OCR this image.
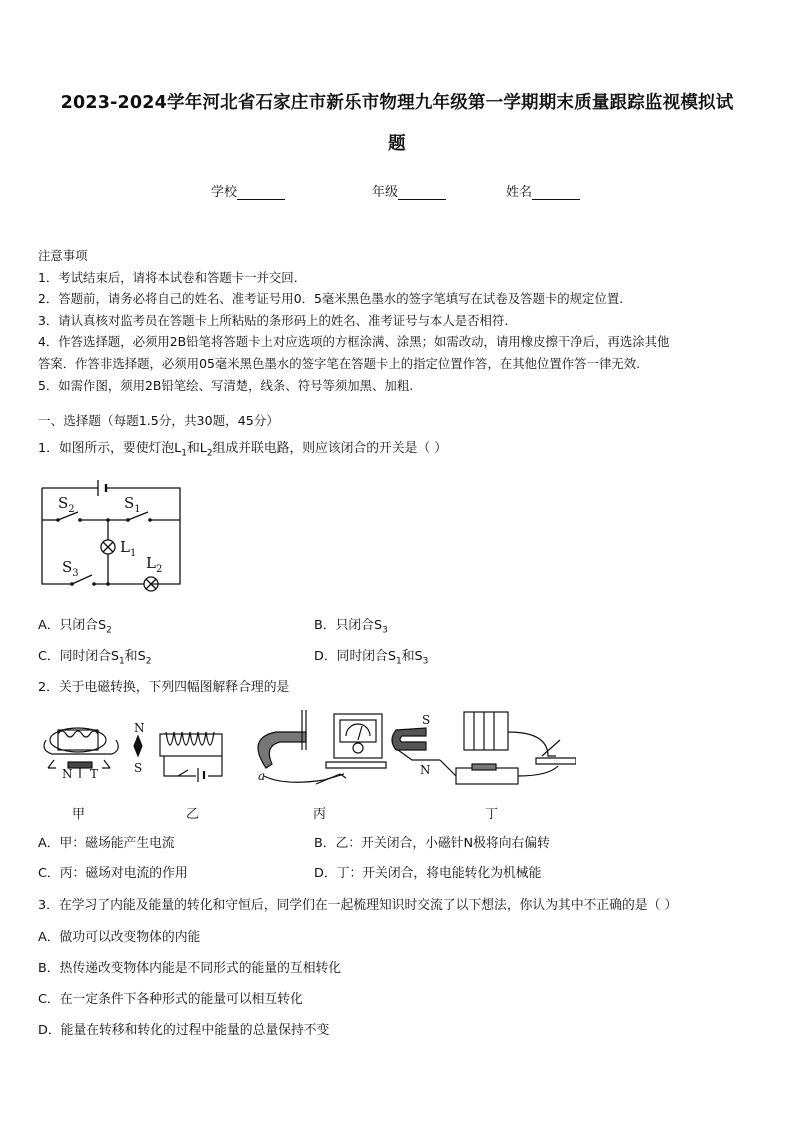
2023-2024学年河北省石家庄市新乐市物理九年级第一学期期末质量跟踪监视模拟试
题
学校	年级	姓名
注意事项
1．考试结束后，请将本试卷和答题卡一并交回.
2．答题前，请务必将自己的姓名、准考证号用0．5毫米黑色墨水的签字笔填写在试卷及答题卡的规定位置.
3．请认真核对监考员在答题卡上所粘贴的条形码上的姓名、准考证号与本人是否相符.
4．作答选择题，必须用2B铅笔将答题卡上对应选项的方框涂满、涂黑；如需改动，请用橡皮擦干净后，再选涂其他
答案．作答非选择题，必须用05毫米黑色墨水的签字笔在答题卡上的指定位置作答，在其他位置作答一律无效.
5．如需作图，须用2B铅笔绘、写清楚，线条、符号等须加黑、加粗.
一、选择题（每题1.5分，共30题，45分）
1．如图所示，要使灯泡$L_1$和$L_2$组成并联电路，则应该闭合的开关是（ ）
$S_2$	$S_1$
$S_3$
$L_1$
$L_2$
A．只闭合$S_2$	B．只闭合$S_3$
C．同时闭合$S_1$和$S_2$	D．同时闭合$S_1$和$S_3$
2．关于电磁转换，下列四幅图解释合理的是
N T
N
S
a
S
N
甲	乙	丙	丁
A．甲：磁场能产生电流	B．乙：开关闭合，小磁针N极将向右偏转
C．丙：磁场对电流的作用	D．丁：开关闭合，将电能转化为机械能
3．在学习了内能及能量的转化和守恒后，同学们在一起梳理知识时交流了以下想法，你认为其中不正确的是（ ）
A．做功可以改变物体的内能
B．热传递改变物体内能是不同形式的能量的互相转化
C．在一定条件下各种形式的能量可以相互转化
D．能量在转移和转化的过程中能量的总量保持不变
